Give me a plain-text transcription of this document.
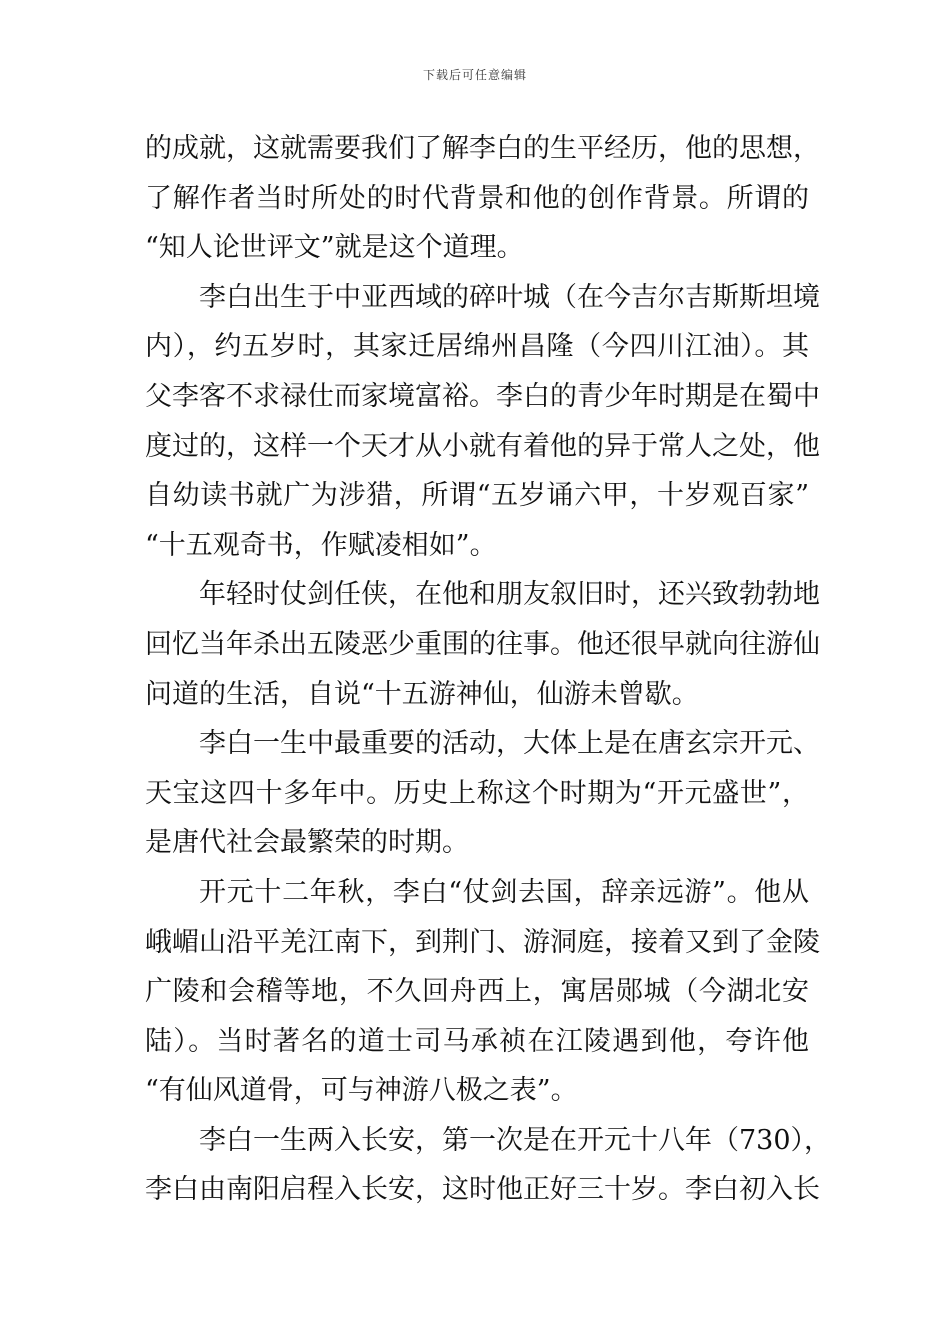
下载后可任意编辑
的成就，这就需要我们了解李白的生平经历，他的思想，
了解作者当时所处的时代背景和他的创作背景。所谓的
“知人论世评文”就是这个道理。
李白出生于中亚西域的碎叶城（在今吉尔吉斯斯坦境
内），约五岁时，其家迁居绵州昌隆（今四川江油）。其
父李客不求禄仕而家境富裕。李白的青少年时期是在蜀中
度过的，这样一个天才从小就有着他的异于常人之处，他
自幼读书就广为涉猎，所谓“五岁诵六甲，十岁观百家”
“十五观奇书，作赋凌相如”。
年轻时仗剑任侠，在他和朋友叙旧时，还兴致勃勃地
回忆当年杀出五陵恶少重围的往事。他还很早就向往游仙
问道的生活，自说“十五游神仙，仙游未曾歇。
李白一生中最重要的活动，大体上是在唐玄宗开元、
天宝这四十多年中。历史上称这个时期为“开元盛世”，
是唐代社会最繁荣的时期。
开元十二年秋，李白“仗剑去国，辞亲远游”。他从
峨嵋山沿平羌江南下，到荆门、游洞庭，接着又到了金陵
广陵和会稽等地，不久回舟西上，寓居郧城（今湖北安
陆）。当时著名的道士司马承祯在江陵遇到他，夸许他
“有仙风道骨，可与神游八极之表”。
李白一生两入长安，第一次是在开元十八年（730），
李白由南阳启程入长安，这时他正好三十岁。李白初入长
